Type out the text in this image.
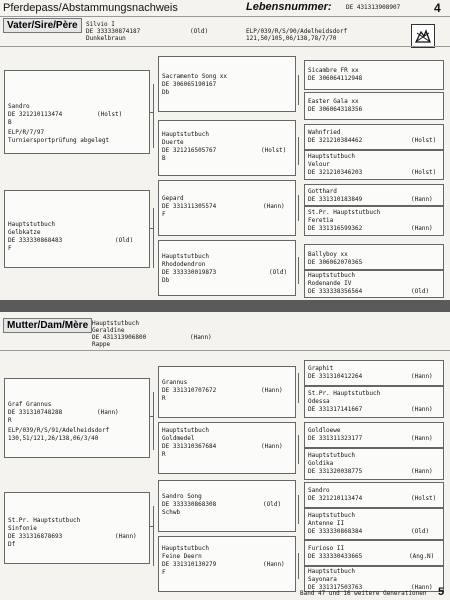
Pferdepass/Abstammungsnachweis	Lebensnummer: DE 431313908907	4
Vater/Sire/Père	Silvio I
DE 333330874187	(Old)
Dunkelbraun
ELP/039/R/S/90/Adelheidsdorf
121,50/105,06/138,78/7/70
Sandro
DE 321210113474	(Holst)
B
ELP/R/7/97
Turniersportprüfung abgelegt
Hauptstutbuch
Gelbkatze
DE 333330868483	(Old)
F
Sacramento Song xx
DE 306065190167
Db
Hauptstutbuch
Duerte
DE 321216505767	(Holst)
B
Gepard
DE 331311305574	(Hann)
F
Hauptstutbuch
Rhododendron
DE 333330019873	(Old)
Db
Sicambre FR xx
DE 306064112948
Easter Gala xx
DE 306064318356
Wahnfried
DE 321210384462	(Holst)
Hauptstutbuch
Velour
DE 321210346203	(Holst)
Gotthard
DE 331310183849	(Hann)
St.Pr. Hauptstutbuch
Feretia
DE 331316599362	(Hann)
Ballyboy xx
DE 306062070365
Hauptstutbuch
Rodenande IV
DE 333338356564	(Old)
Mutter/Dam/Mère Hauptstutbuch
Geraldine
DE 431313906800	(Hann)
Rappe
Graf Grannus
DE 331310748288	(Hann)
R
ELP/039/R/S/91/Adelheidsdorf
130,51/121,26/138,06/3/40
St.Pr. Hauptstutbuch
Sinfonie
DE 331316878693	(Hann)
Df
Grannus
DE 331310707672	(Hann)
R
Hauptstutbuch
Goldmedel
DE 331310367684	(Hann)
R
Sandro Song
DE 333330868308	(Old)
Schwb
Hauptstutbuch
Feine Deern
DE 331310130279	(Hann)
F
Graphit
DE 331310412264	(Hann)
St.Pr. Hauptstutbuch
Odessa
DE 331317141667	(Hann)
Goldloewe
DE 331311323177	(Hann)
Hauptstutbuch
Goldika
DE 331320038775	(Hann)
Sandro
DE 321210113474	(Holst)
Hauptstutbuch
Antenne II
DE 333330868384	(Old)
Furioso II
DE 333330433665	(Ang.N)
Hauptstutbuch
Sayonara
DE 331317503763	(Hann)
Band 47 und 16 weitere Generationen 5
